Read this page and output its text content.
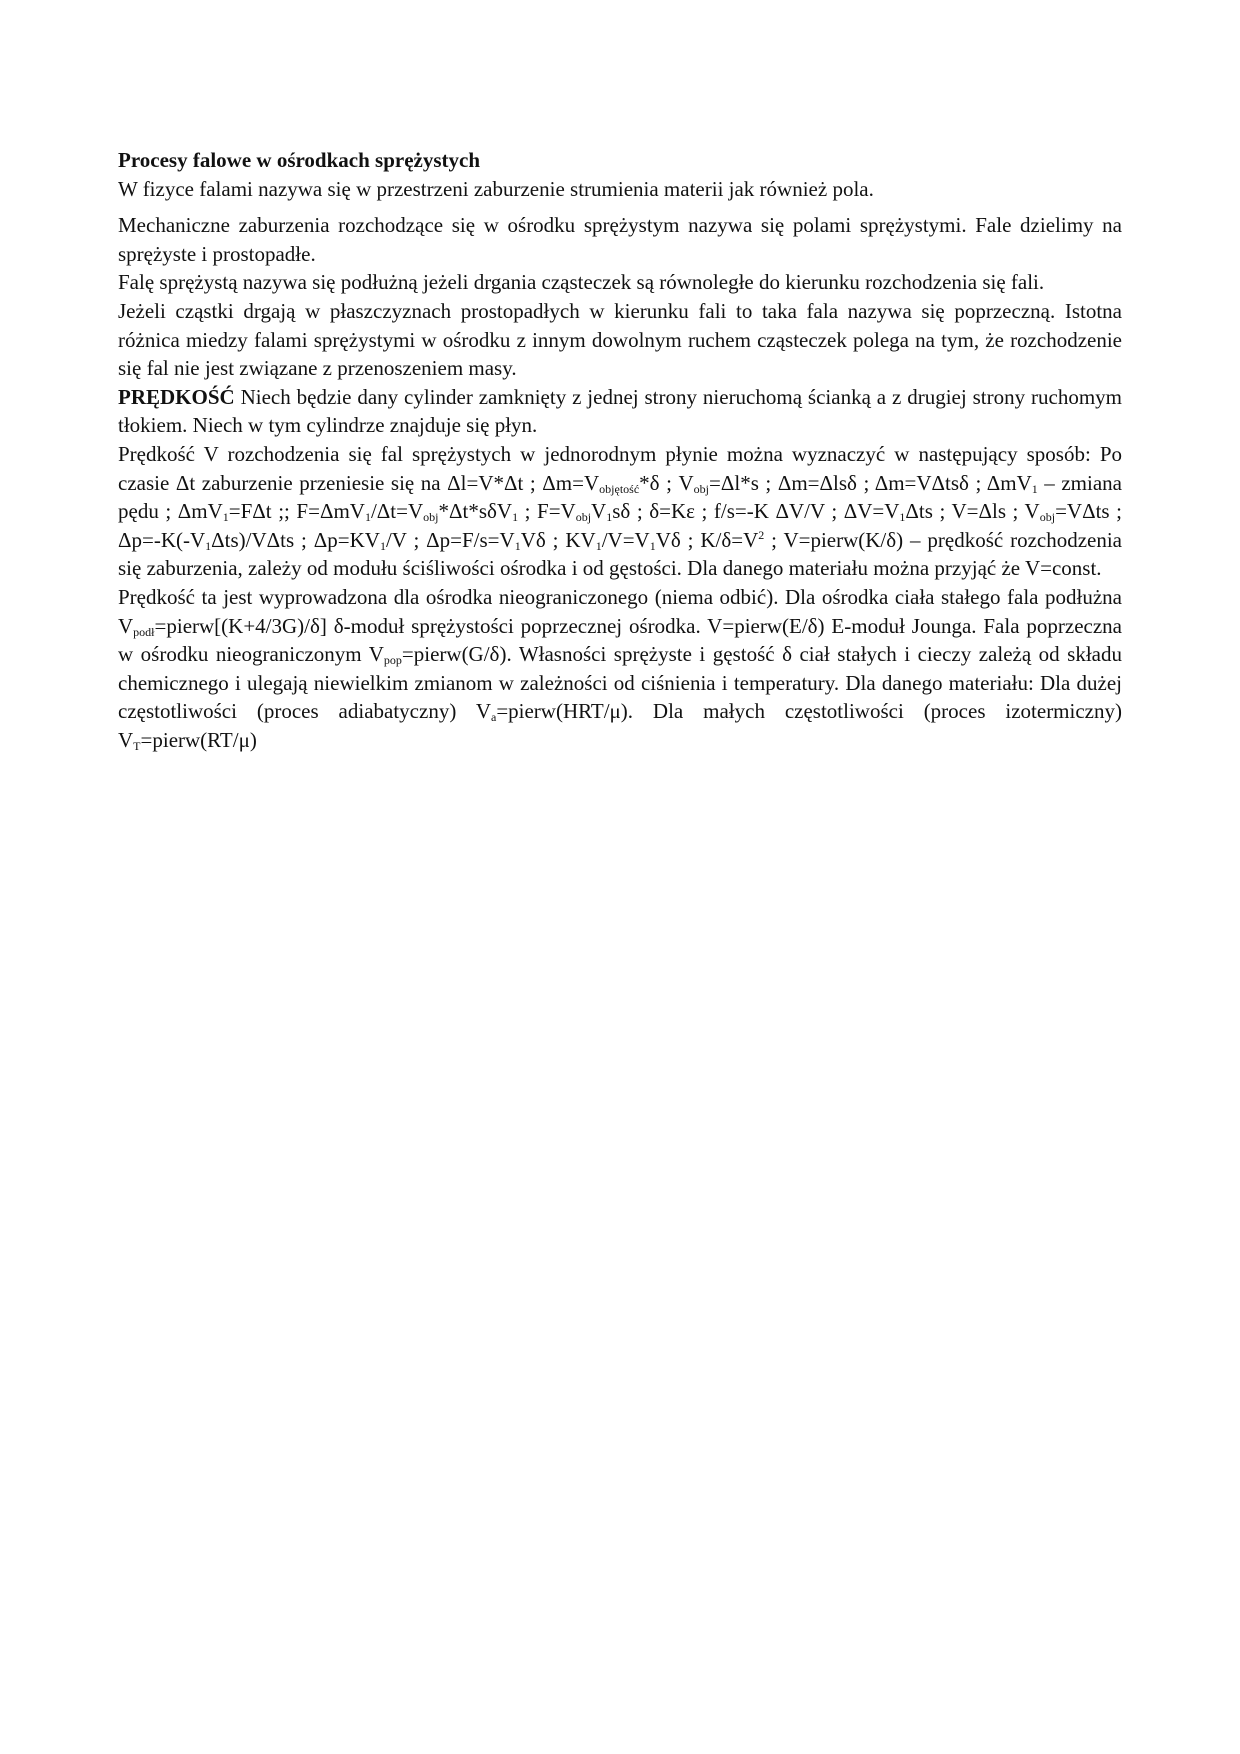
Procesy falowe w ośrodkach sprężystych

W fizyce falami nazywa się w przestrzeni zaburzenie strumienia materii jak również pola.

Mechaniczne zaburzenia rozchodzące się w ośrodku sprężystym nazywa się polami sprężystymi. Fale dzielimy na sprężyste i prostopadłe.

Falę sprężystą nazywa się podłużną jeżeli drgania cząsteczek są równoległe do kierunku rozchodzenia się fali.

Jeżeli cząstki drgają w płaszczyznach prostopadłych w kierunku fali to taka fala nazywa się poprzeczną. Istotna różnica miedzy falami sprężystymi w ośrodku z innym dowolnym ruchem cząsteczek polega na tym, że rozchodzenie się fal nie jest związane z przenoszeniem masy.

PRĘDKOŚĆ Niech będzie dany cylinder zamknięty z jednej strony nieruchomą ścianką a z drugiej strony ruchomym tłokiem. Niech w tym cylindrze znajduje się płyn.

Prędkość V rozchodzenia się fal sprężystych w jednorodnym płynie można wyznaczyć w następujący sposób: Po czasie Δt zaburzenie przeniesie się na Δl=V*Δt ; $\Delta m=V_{objętość}*\delta$ ; $V_{obj}=\Delta l*s$ ; Δm=Δlsδ ; Δm=VΔtsδ ; ΔmV$_1$ – zmiana pędu ; ΔmV$_1$=FΔt ;; $F=\Delta mV_1/\Delta t=V_{obj}*\Delta t*s\delta V_1$ ; $F=V_{obj}V_1s\delta$ ; δ=Kε ; f/s=-K ΔV/V ; $\Delta V=V_1\Delta ts$ ; V=Δls ; $V_{obj}=V\Delta ts$ ; $\Delta p=-K(-V_1\Delta ts)$/VΔts ; $\Delta p=KV_1/V$ ; $\Delta p=F/s=V_1V\delta$ ; $KV_1/V=V_1V\delta$ ; $K/\delta=V^2$ ; V=pierw(K/δ) – prędkość rozchodzenia się zaburzenia, zależy od modułu ściśliwości ośrodka i od gęstości. Dla danego materiału można przyjąć że V=const.

Prędkość ta jest wyprowadzona dla ośrodka nieograniczonego (niema odbić). Dla ośrodka ciała stałego fala podłużna $V_{podł}=pierw[(K+4/3G)/\delta]$ δ-moduł sprężystości poprzecznej ośrodka. V=pierw(E/δ) E-moduł Jounga. Fala poprzeczna w ośrodku nieograniczonym $V_{pop}=pierw(G/\delta)$. Własności sprężyste i gęstość δ ciał stałych i cieczy zależą od składu chemicznego i ulegają niewielkim zmianom w zależności od ciśnienia i temperatury. Dla danego materiału: Dla dużej częstotliwości (proces adiabatyczny) $V_a=pierw(HRT/\mu)$. Dla małych częstotliwości (proces izotermiczny) $V_T=pierw(RT/\mu)$
